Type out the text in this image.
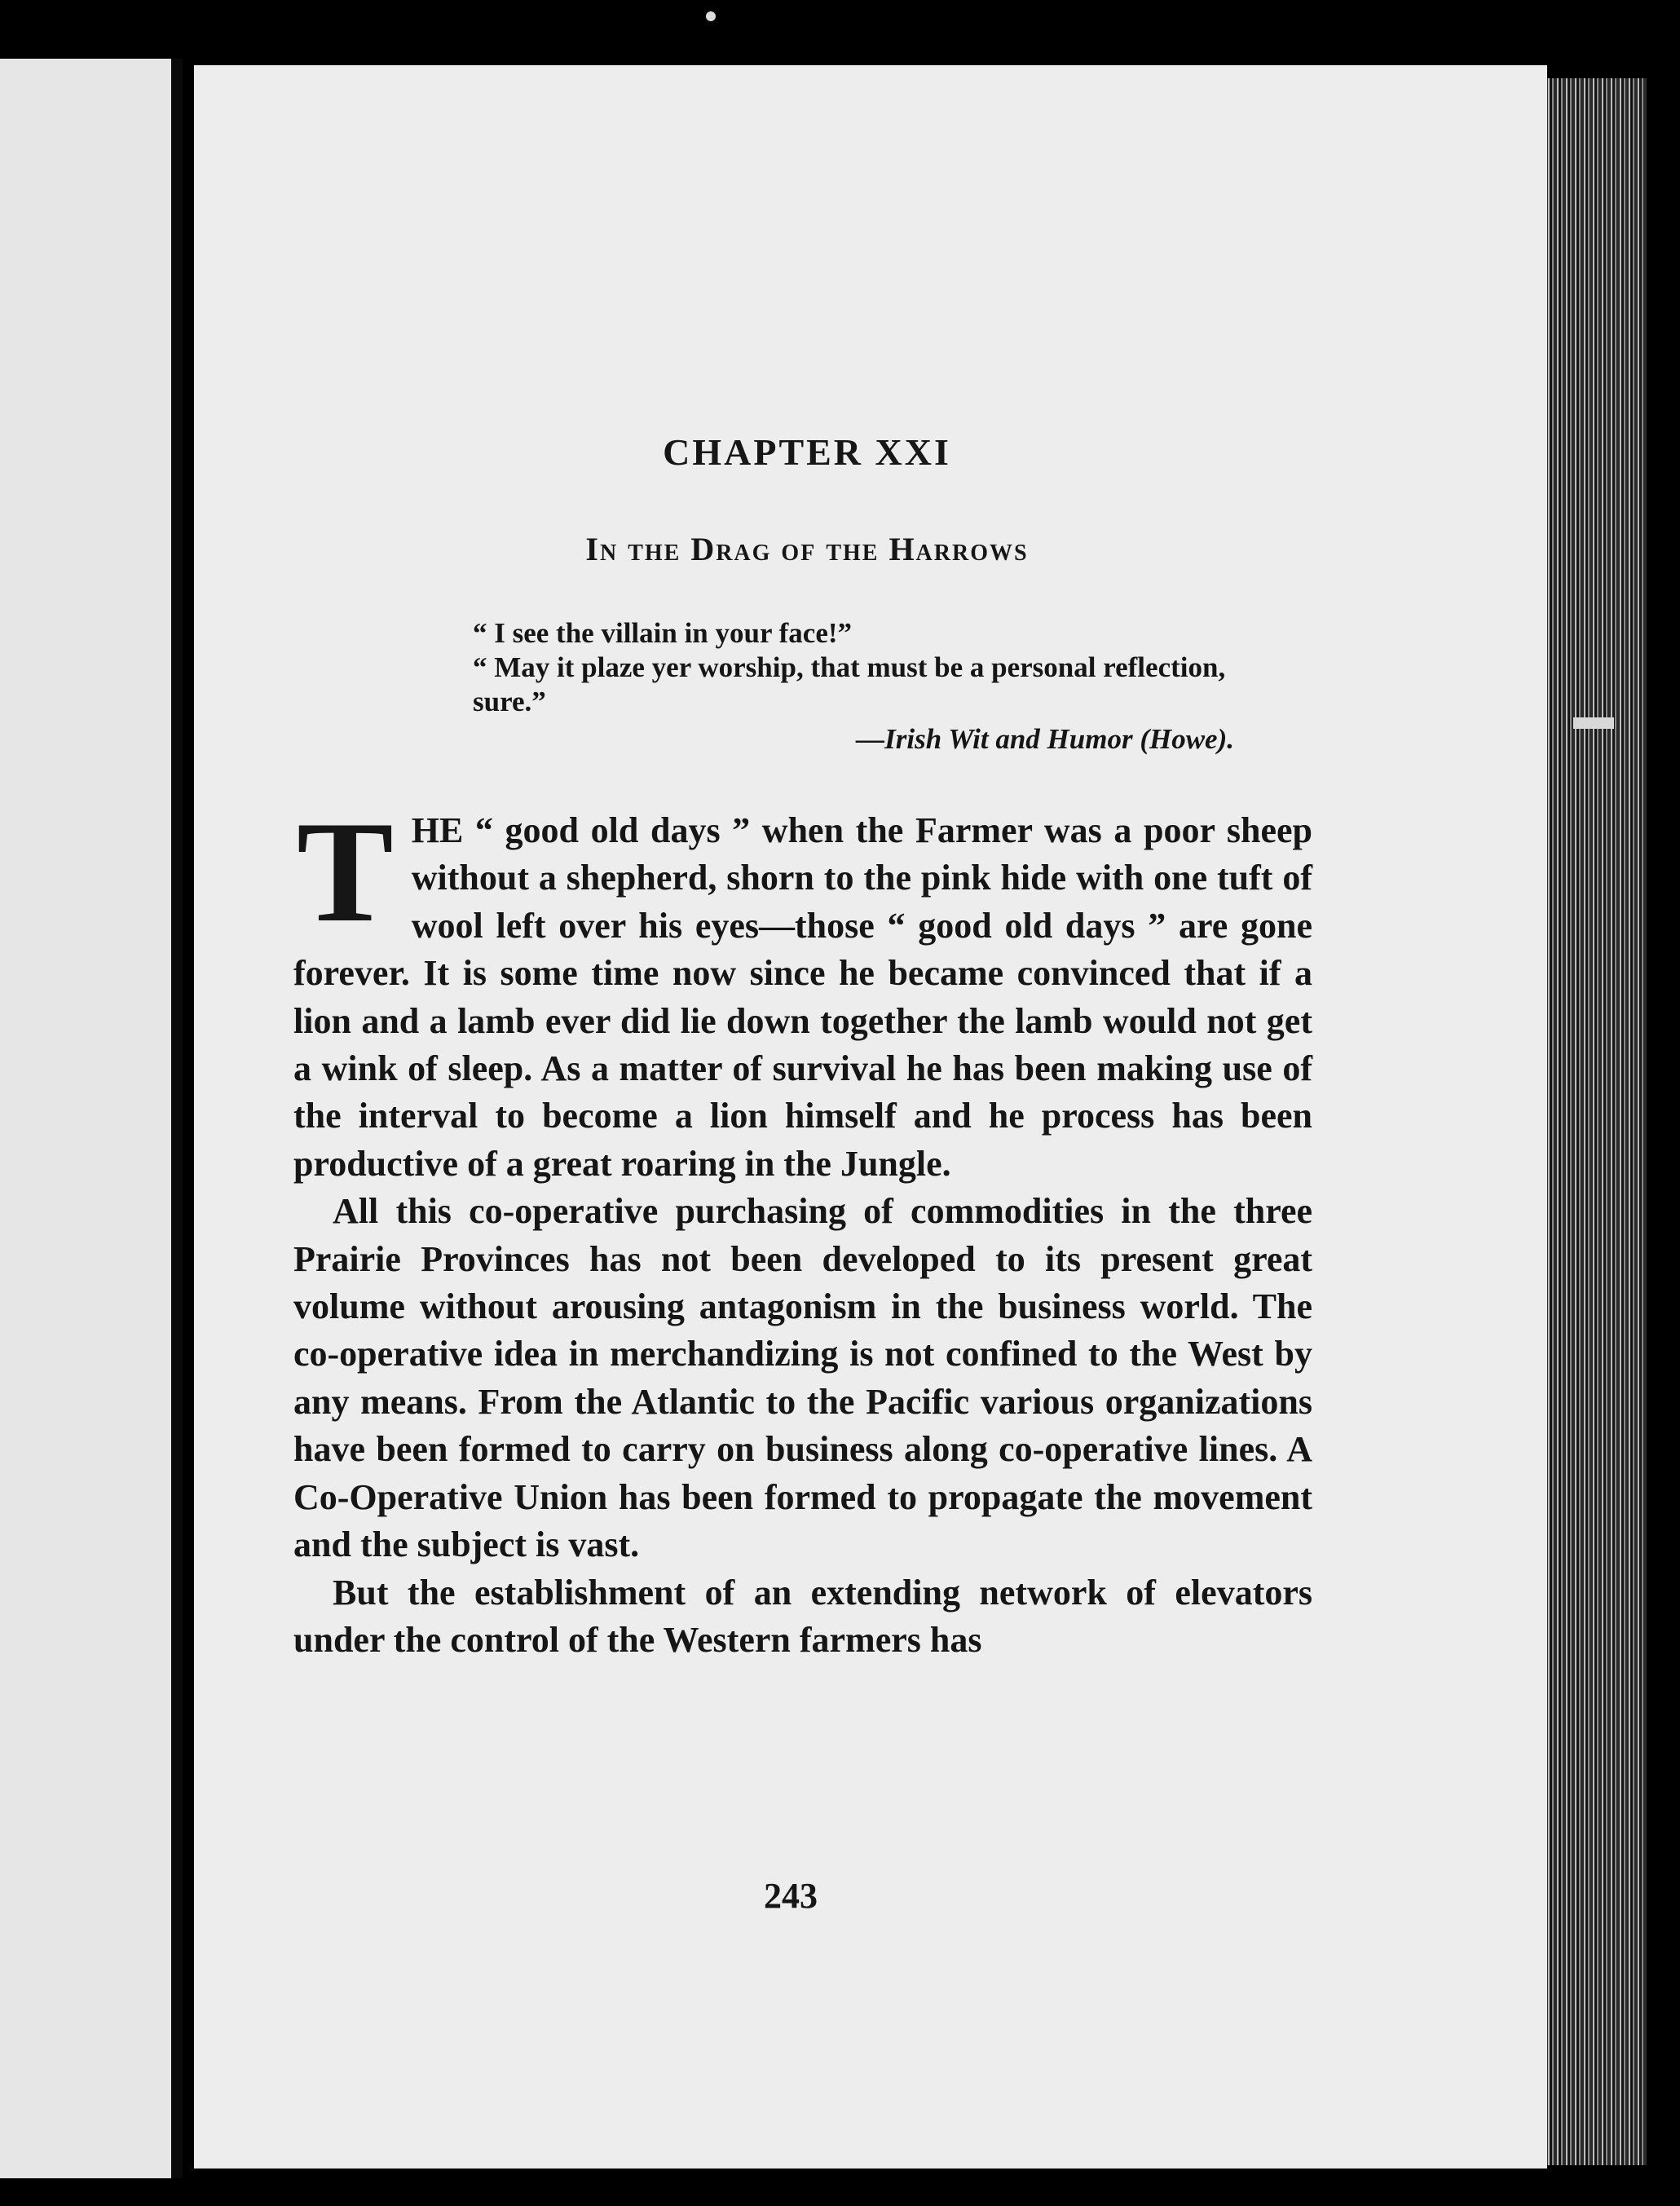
CHAPTER XXI
In the Drag of the Harrows
“ I see the villain in your face!”
“ May it plaze yer worship, that must be a personal reflection, sure.”
—Irish Wit and Humor (Howe).

THE “ good old days ” when the Farmer was a poor sheep without a shepherd, shorn to the pink hide with one tuft of wool left over his eyes—those “ good old days ” are gone forever. It is some time now since he became convinced that if a lion and a lamb ever did lie down together the lamb would not get a wink of sleep. As a matter of survival he has been making use of the interval to become a lion himself and he process has been productive of a great roaring in the Jungle.

All this co-operative purchasing of commodities in the three Prairie Provinces has not been developed to its present great volume without arousing antagonism in the business world. The co-operative idea in merchandizing is not confined to the West by any means. From the Atlantic to the Pacific various organizations have been formed to carry on business along co-operative lines. A Co-Operative Union has been formed to propagate the movement and the subject is vast.

But the establishment of an extending network of elevators under the control of the Western farmers has

243
